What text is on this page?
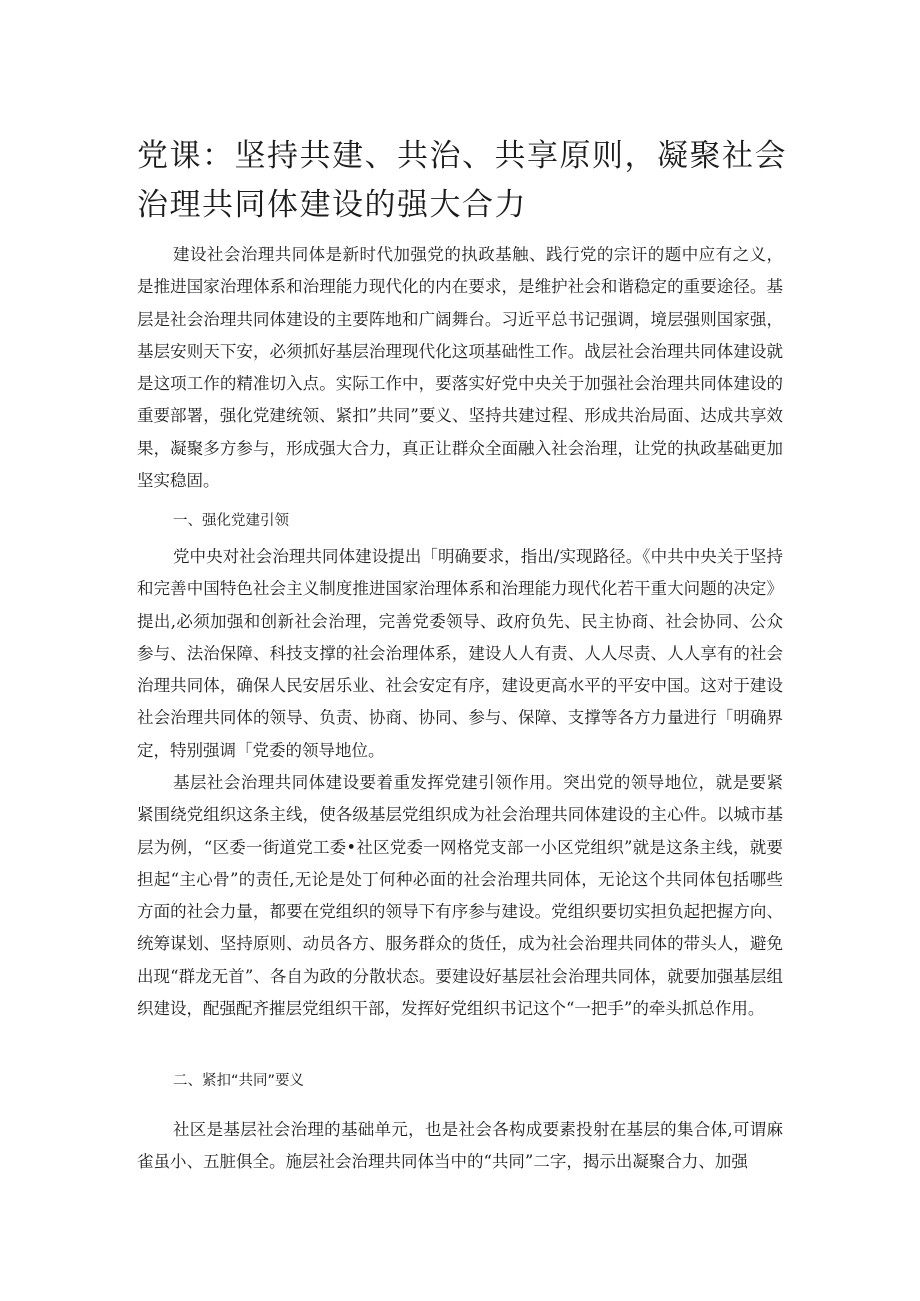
党课：坚持共建、共治、共享原则，凝聚社会治理共同体建设的强大合力

建设社会治理共同体是新时代加强党的执政基触、践行党的宗讦的题中应有之义，是推进国家治理体系和治理能力现代化的内在要求，是维护社会和谐稳定的重要途径。基层是社会治理共同体建设的主要阵地和广阔舞台。习近平总书记强调，境层强则国家强，基层安则天下安，必须抓好基层治理现代化这项基础性工作。战层社会治理共同体建设就是这项工作的精准切入点。实际工作中，要落实好党中央关于加强社会治理共同体建设的重要部署，强化党建统领、紧扣”共同”要义、坚持共建过程、形成共治局面、达成共享效果，凝聚多方参与，形成强大合力，真正让群众全面融入社会治理，让党的执政基础更加坚实稳固。

一、强化党建引领

党中央对社会治理共同体建设提出「明确要求，指出/实现路径。《中共中央关于坚持和完善中国特色社会主义制度推进国家治理体系和治理能力现代化若干重大问题的决定》提出,必须加强和创新社会治理，完善党委领导、政府负先、民主协商、社会协同、公众参与、法治保障、科技支撑的社会治理体系，建设人人有责、人人尽责、人人享有的社会治理共同体，确保人民安居乐业、社会安定有序，建设更高水平的平安中国。这对于建设社会治理共同体的领导、负责、协商、协同、参与、保障、支撑等各方力量进行「明确界定，特别强调「党委的领导地位。

基层社会治理共同体建设要着重发挥党建引领作用。突出党的领导地位，就是要紧紧围绕党组织这条主线，使各级基层党组织成为社会治理共同体建设的主心件。以城市基层为例，“区委一街道党工委•社区党委一网格党支部一小区党组织”就是这条主线，就要担起“主心骨”的责任,无论是处丁何种必面的社会治理共同体，无论这个共同体包括哪些方面的社会力量，都要在党组织的领导下有序参与建设。党组织要切实担负起把握方向、统筹谋划、坚持原则、动员各方、服务群众的货任，成为社会治理共同体的带头人，避免出现“群龙无首”、各自为政的分散状态。要建设好基层社会治理共同体，就要加强基层组织建设，配强配齐摧层党组织干部，发挥好党组织书记这个“一把手”的牵头抓总作用。

二、紧扣“共同”要义

社区是基层社会治理的基础单元，也是社会各构成要素投射在基层的集合体,可谓麻雀虽小、五脏俱全。施层社会治理共同体当中的“共同”二字，揭示出凝聚合力、加强
